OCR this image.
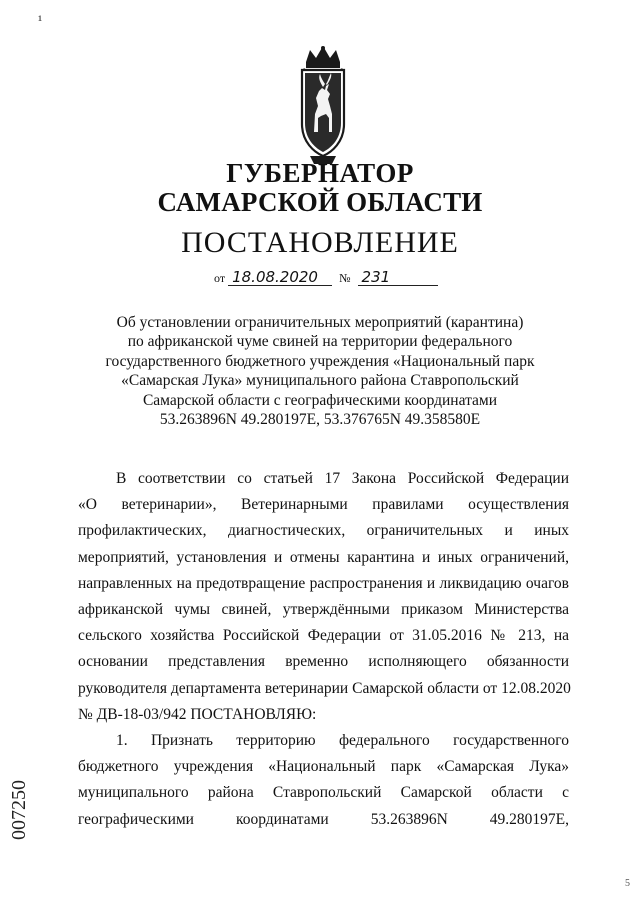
¹
ГУБЕРНАТОР
САМАРСКОЙ ОБЛАСТИ
ПОСТАНОВЛЕНИЕ
от 18.08.2020 № 231
Об установлении ограничительных мероприятий (карантина)
по африканской чуме свиней на территории федерального
государственного бюджетного учреждения «Национальный парк
«Самарская Лука» муниципального района Ставропольский
Самарской области с географическими координатами
53.263896N 49.280197E, 53.376765N 49.358580E
В соответствии со статьей 17 Закона Российской Федерации
«О ветеринарии», Ветеринарными правилами осуществления
профилактических, диагностических, ограничительных и иных
мероприятий, установления и отмены карантина и иных ограничений,
направленных на предотвращение распространения и ликвидацию очагов
африканской чумы свиней, утверждёнными приказом Министерства
сельского хозяйства Российской Федерации от 31.05.2016 № 213, на
основании представления временно исполняющего обязанности
руководителя департамента ветеринарии Самарской области от 12.08.2020
№ ДВ-18-03/942 ПОСТАНОВЛЯЮ:
1. Признать территорию федерального государственного
бюджетного учреждения «Национальный парк «Самарская Лука»
муниципального района Ставропольский Самарской области с
географическими координатами 53.263896N 49.280197E,
007250
5
